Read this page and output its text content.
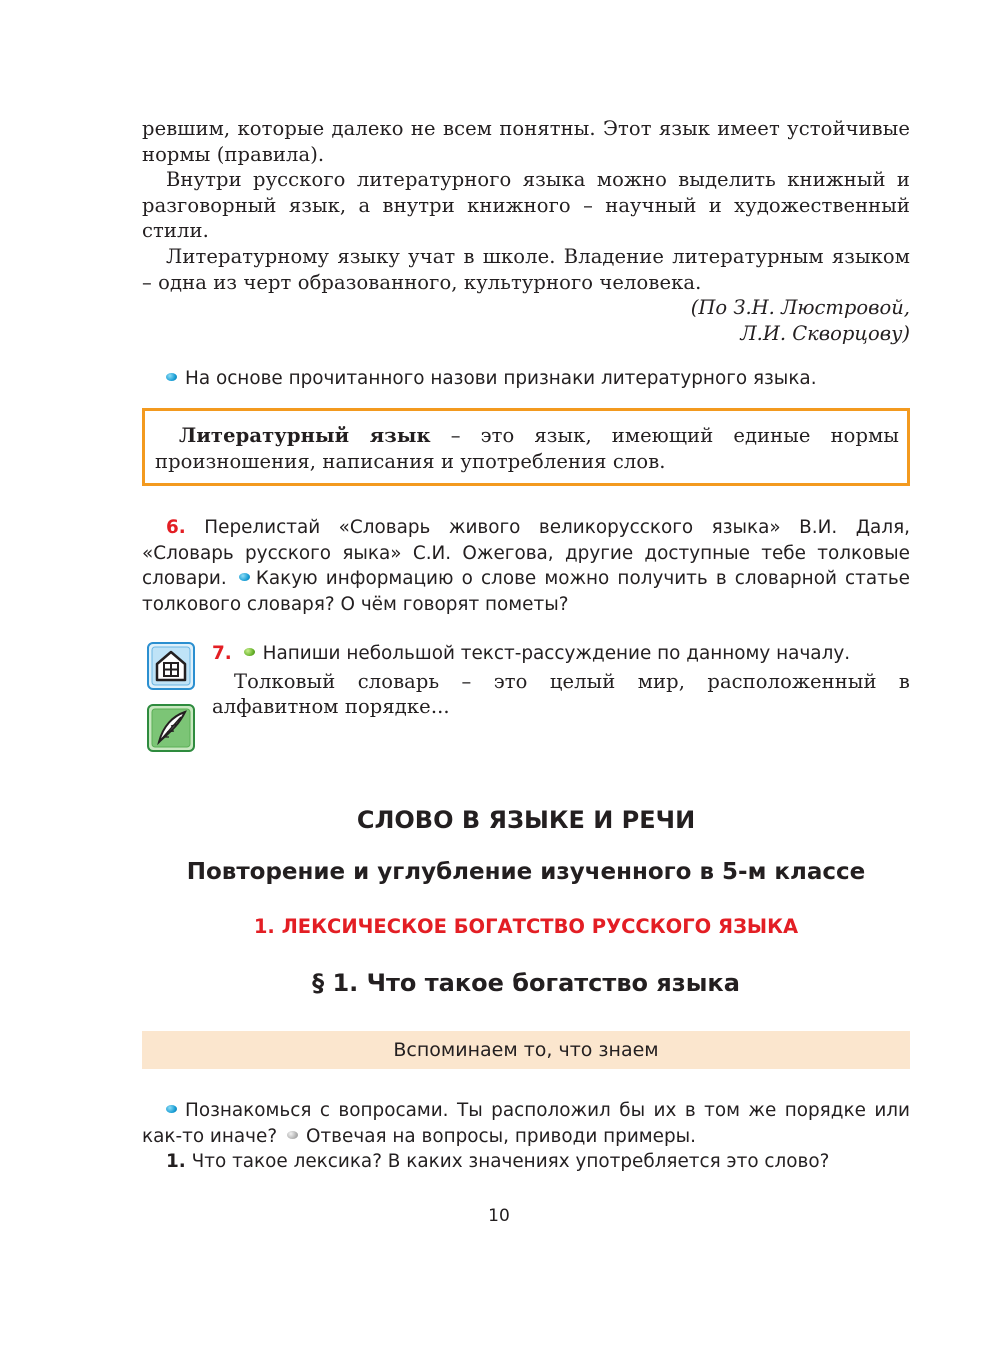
ревшим, которые далеко не всем понятны. Этот язык имеет устойчивые нормы (правила).

Внутри русского литературного языка можно выделить книжный и разговорный язык, а внутри книжного – научный и художественный стили.

Литературному языку учат в школе. Владение литературным языком – одна из черт образованного, культурного человека.

(По З.Н. Люстровой,

Л.И. Скворцову)

На основе прочитанного назови признаки литературного языка.

Литературный язык – это язык, имеющий единые нормы произношения, написания и употребления слов.

6. Перелистай «Словарь живого великорусского языка» В.И. Даля, «Словарь русского яыка» С.И. Ожегова, другие доступные тебе толковые словари. Какую информацию о слове можно получить в словарной статье толкового словаря? О чём говорят пометы?

7. Напиши небольшой текст-рассуждение по данному началу.

Толковый словарь – это целый мир, расположенный в алфавитном порядке...

СЛОВО В ЯЗЫКЕ И РЕЧИ
Повторение и углубление изученного в 5-м классе
1. ЛЕКСИЧЕСКОЕ БОГАТСТВО РУССКОГО ЯЗЫКА
§ 1. Что такое богатство языка
Вспоминаем то, что знаем

Познакомься с вопросами. Ты расположил бы их в том же порядке или как-то иначе? Отвечая на вопросы, приводи примеры.

1. Что такое лексика? В каких значениях употребляется это слово?

10
